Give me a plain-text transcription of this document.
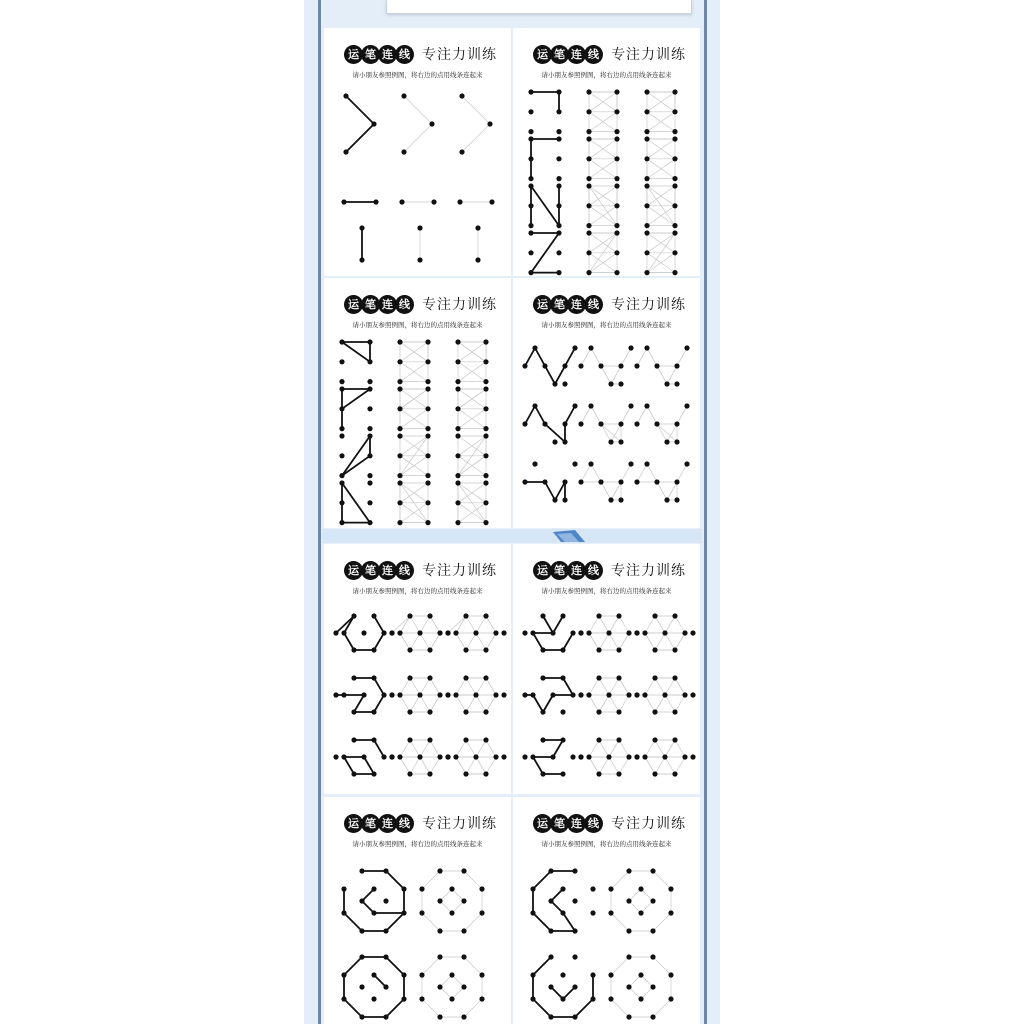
运 笔 连 线 专注力训练
请小朋友参照例图，将右边的点用线条连起来
运 笔 连 线 专注力训练
请小朋友参照例图，将右边的点用线条连起来
运 笔 连 线 专注力训练
请小朋友参照例图，将右边的点用线条连起来
运 笔 连 线 专注力训练
请小朋友参照例图，将右边的点用线条连起来
运 笔 连 线 专注力训练
请小朋友参照例图，将右边的点用线条连起来
运 笔 连 线 专注力训练
请小朋友参照例图，将右边的点用线条连起来
运 笔 连 线 专注力训练
请小朋友参照例图，将右边的点用线条连起来
运 笔 连 线 专注力训练
请小朋友参照例图，将右边的点用线条连起来
